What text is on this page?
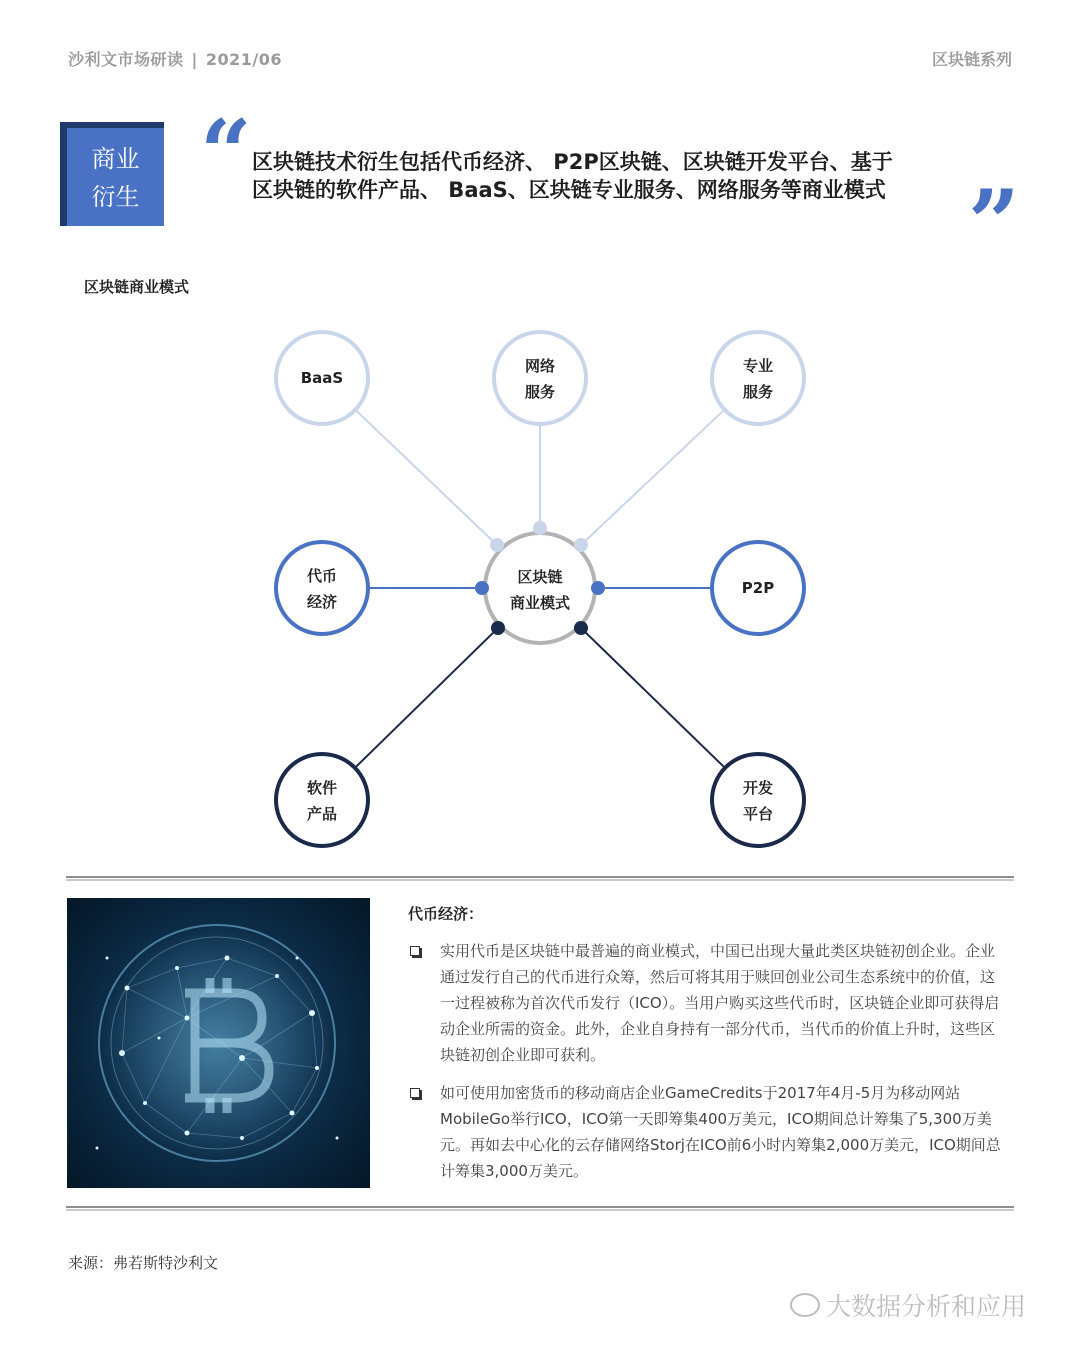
沙利文市场研读 | 2021/06	区块链系列
商业
衍生 “ 区块链技术衍生包括代币经济、 P2P区块链、区块链开发平台、基于
区块链的软件产品、 BaaS、区块链专业服务、网络服务等商业模式 ”
区块链商业模式
区块链
商业模式
BaaS
网络
服务
专业
服务
代币
经济
P2P
软件
产品
开发
平台
代币经济：
实用代币是区块链中最普遍的商业模式，中国已出现大量此类区块链初创企业。企业通过发行自己的代币进行众筹，然后可将其用于赎回创业公司生态系统中的价值，这一过程被称为首次代币发行（ICO）。当用户购买这些代币时，区块链企业即可获得启动企业所需的资金。此外，企业自身持有一部分代币，当代币的价值上升时，这些区块链初创企业即可获利。
如可使用加密货币的移动商店企业GameCredits于2017年4月-5月为移动网站MobileGo举行ICO，ICO第一天即筹集400万美元，ICO期间总计筹集了5,300万美元。再如去中心化的云存储网络Storj在ICO前6小时内筹集2,000万美元，ICO期间总计筹集3,000万美元。
来源：弗若斯特沙利文
大数据分析和应用
